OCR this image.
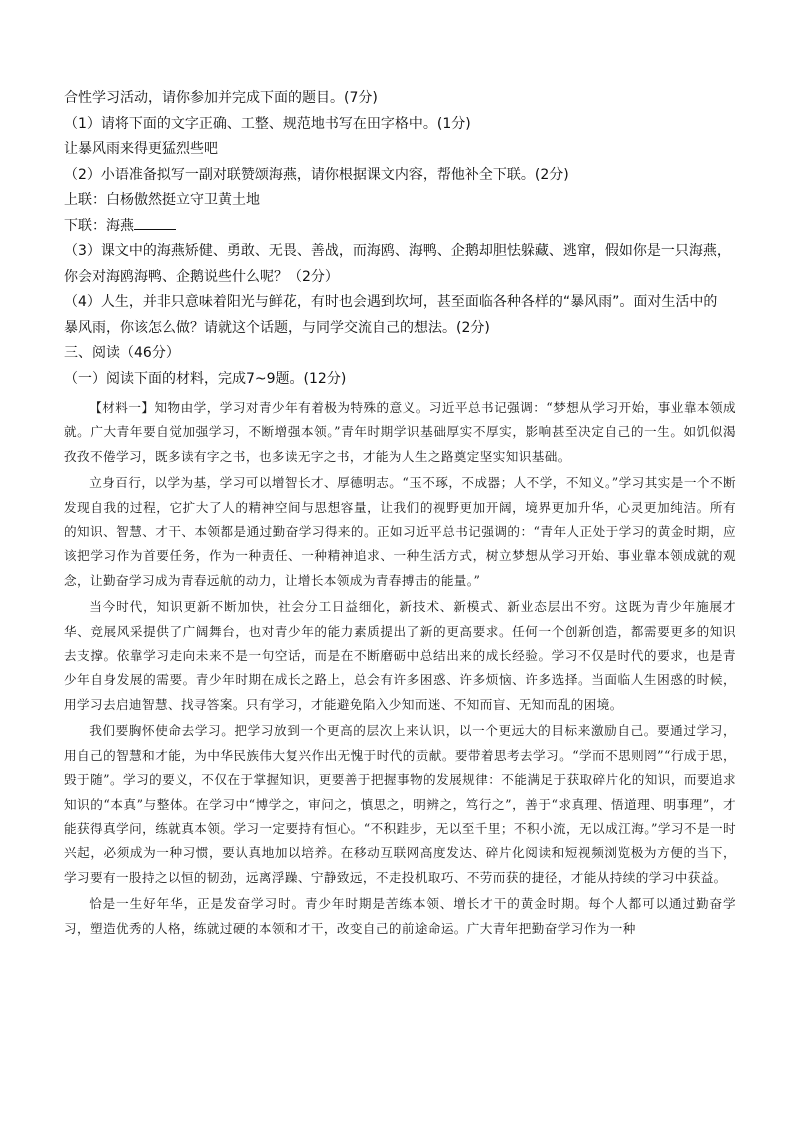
合性学习活动，请你参加并完成下面的题目。(7分)
（1）请将下面的文字正确、工整、规范地书写在田字格中。(1分)
让暴风雨来得更猛烈些吧
（2）小语准备拟写一副对联赞颂海燕，请你根据课文内容，帮他补全下联。(2分)
上联：白杨傲然挺立守卫黄土地
下联：海燕
（3）课文中的海燕矫健、勇敢、无畏、善战，而海鸥、海鸭、企鹅却胆怯躲藏、逃窜，假如你是一只海燕，
你会对海鸥海鸭、企鹅说些什么呢？（2分）
（4）人生，并非只意味着阳光与鲜花，有时也会遇到坎坷，甚至面临各种各样的“暴风雨”。面对生活中的
暴风雨，你该怎么做？请就这个话题，与同学交流自己的想法。(2分)
三、阅读（46分）
（一）阅读下面的材料，完成7~9题。(12分)

【材料一】知物由学，学习对青少年有着极为特殊的意义。习近平总书记强调：“梦想从学习开始，事业靠本领成就。广大青年要自觉加强学习，不断增强本领。”青年时期学识基础厚实不厚实，影响甚至决定自己的一生。如饥似渴孜孜不倦学习，既多读有字之书，也多读无字之书，才能为人生之路奠定坚实知识基础。

立身百行，以学为基，学习可以增智长才、厚德明志。“玉不琢，不成器；人不学，不知义。”学习其实是一个不断发现自我的过程，它扩大了人的精神空间与思想容量，让我们的视野更加开阔，境界更加升华，心灵更加纯洁。所有的知识、智慧、才干、本领都是通过勤奋学习得来的。正如习近平总书记强调的：“青年人正处于学习的黄金时期，应该把学习作为首要任务，作为一种责任、一种精神追求、一种生活方式，树立梦想从学习开始、事业靠本领成就的观念，让勤奋学习成为青春远航的动力，让增长本领成为青春搏击的能量。”

当今时代，知识更新不断加快，社会分工日益细化，新技术、新模式、新业态层出不穷。这既为青少年施展才华、竞展风采提供了广阔舞台，也对青少年的能力素质提出了新的更高要求。任何一个创新创造，都需要更多的知识去支撑。依靠学习走向未来不是一句空话，而是在不断磨砺中总结出来的成长经验。学习不仅是时代的要求，也是青少年自身发展的需要。青少年时期在成长之路上，总会有许多困惑、许多烦恼、许多选择。当面临人生困惑的时候，用学习去启迪智慧、找寻答案。只有学习，才能避免陷入少知而迷、不知而盲、无知而乱的困境。

我们要胸怀使命去学习。把学习放到一个更高的层次上来认识，以一个更远大的目标来激励自己。要通过学习，用自己的智慧和才能，为中华民族伟大复兴作出无愧于时代的贡献。要带着思考去学习。“学而不思则罔”“行成于思，毁于随”。学习的要义，不仅在于掌握知识，更要善于把握事物的发展规律：不能满足于获取碎片化的知识，而要追求知识的“本真”与整体。在学习中“博学之，审问之，慎思之，明辨之，笃行之”，善于“求真理、悟道理、明事理”，才能获得真学问，练就真本领。学习一定要持有恒心。“不积跬步，无以至千里；不积小流，无以成江海。”学习不是一时兴起，必须成为一种习惯，要认真地加以培养。在移动互联网高度发达、碎片化阅读和短视频浏览极为方便的当下，学习要有一股持之以恒的韧劲，远离浮躁、宁静致远，不走投机取巧、不劳而获的捷径，才能从持续的学习中获益。

恰是一生好年华，正是发奋学习时。青少年时期是苦练本领、增长才干的黄金时期。每个人都可以通过勤奋学习，塑造优秀的人格，练就过硬的本领和才干，改变自己的前途命运。广大青年把勤奋学习作为一种
